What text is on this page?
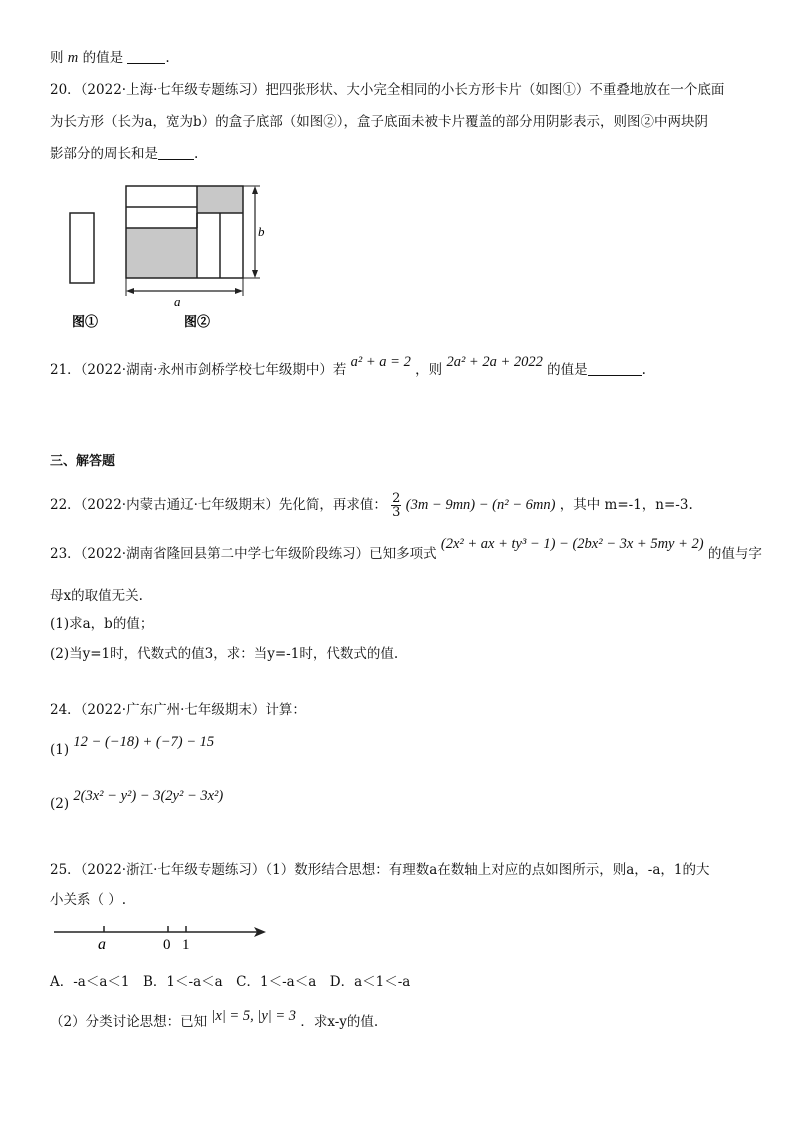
则 m 的值是	.
20．（2022·上海·七年级专题练习）把四张形状、大小完全相同的小长方形卡片（如图①）不重叠地放在一个底面
为长方形（长为a，宽为b）的盒子底部（如图②），盒子底面未被卡片覆盖的部分用阴影表示，则图②中两块阴
影部分的周长和是	.
b
a
图①	图②
21．（2022·湖南·永州市剑桥学校七年级期中）若 a² + a = 2 ，则 2a² + 2a + 2022 的值是	.
三、解答题
22．（2022·内蒙古通辽·七年级期末）先化简，再求值： $\frac{2}{3} (3m - 9mn) - (n^2 - 6mn)$ ，其中 m=-1，n=-3.
23．（2022·湖南省隆回县第二中学七年级阶段练习）已知多项式 (2x² + ax + ty³ − 1) − (2bx² − 3x + 5my + 2) 的值与字
母x的取值无关.
(1)求a，b的值；
(2)当y=1时，代数式的值3，求：当y=-1时，代数式的值.
24．（2022·广东广州·七年级期末）计算：
(1) 12 − (−18) + (−7) − 15
(2) 2(3x² − y²) − 3(2y² − 3x²)
25．（2022·浙江·七年级专题练习）（1）数形结合思想：有理数a在数轴上对应的点如图所示，则a，-a，1的大
小关系（ ）.
a	0 1
A．-a＜a＜1　B．1＜-a＜a　C．1＜-a＜a　D．a＜1＜-a
（2）分类讨论思想：已知 |x| = 5, |y| = 3 ．求x-y的值.
